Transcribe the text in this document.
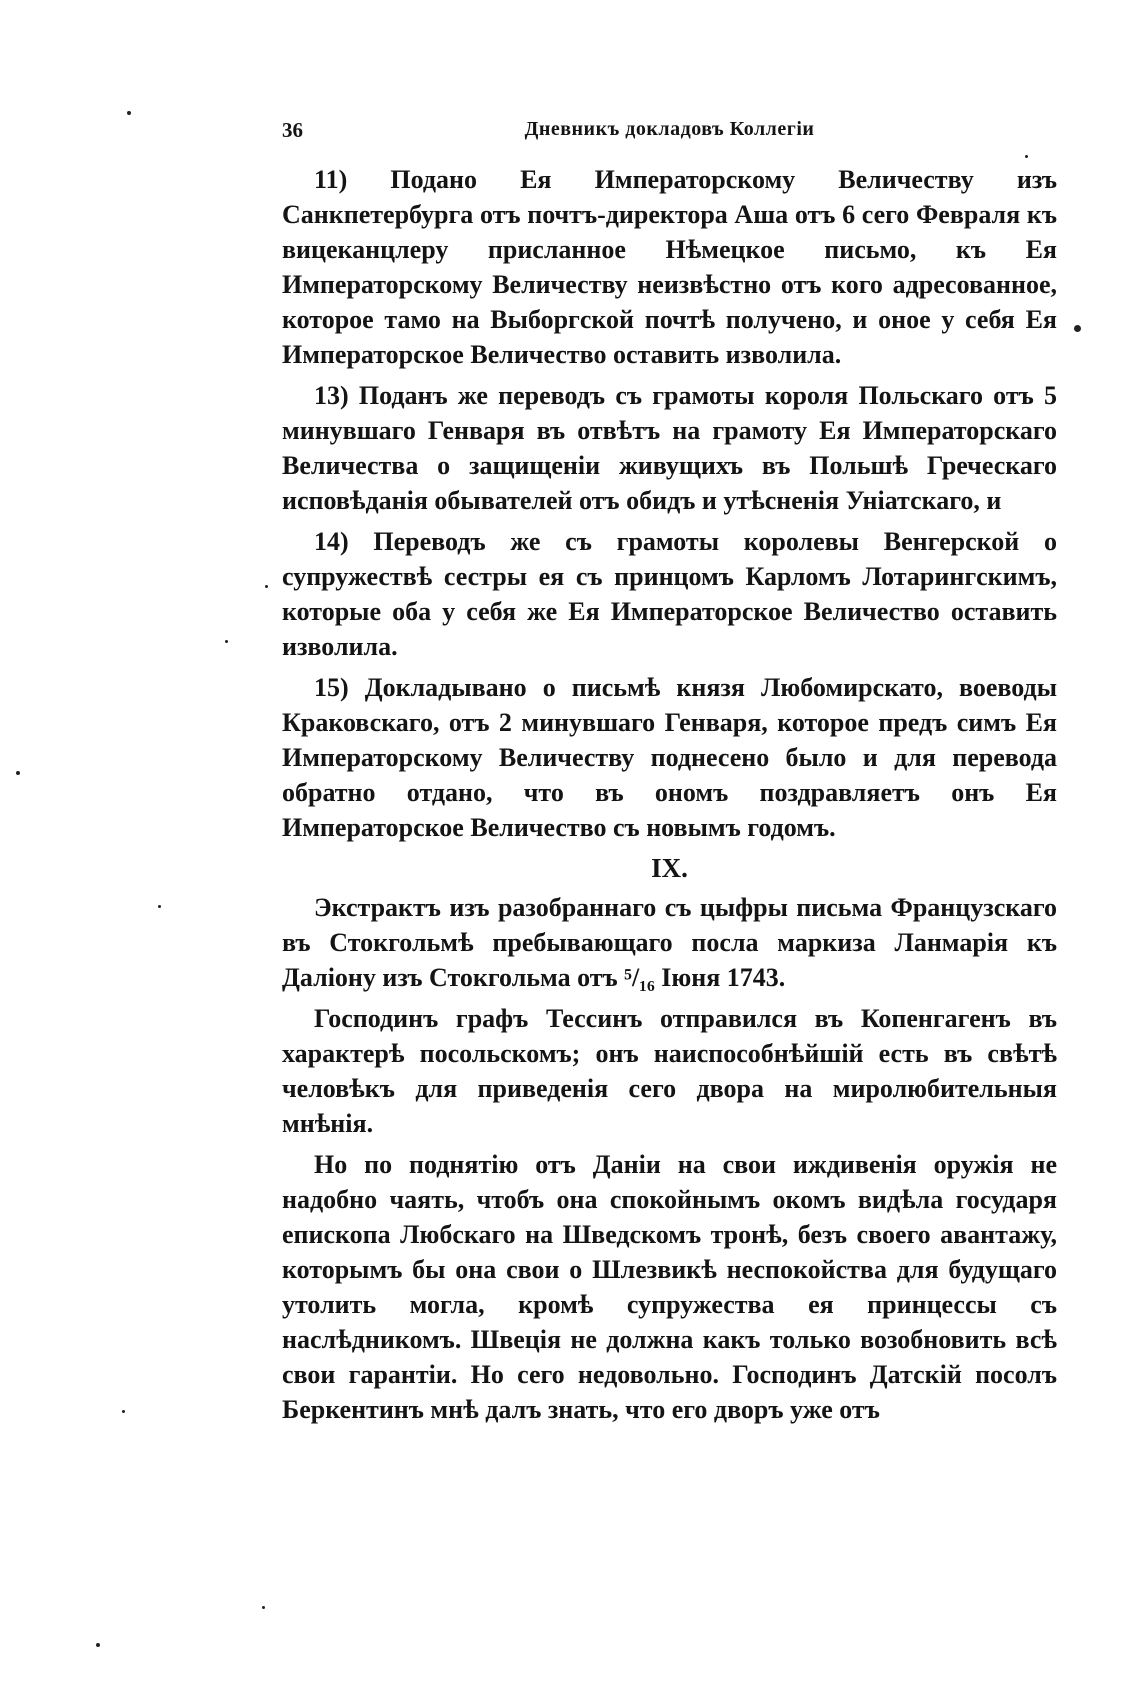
36	Дневникъ докладовъ Коллегіи

11) Подано Ея Императорскому Величеству изъ Санкпетербурга отъ почтъ-директора Аша отъ 6 сего Февраля къ вицеканцлеру присланное Нѣмецкое письмо, къ Ея Императорскому Величеству неизвѣстно отъ кого адресованное, которое тамо на Выборгской почтѣ получено, и оное у себя Ея Императорское Величество оставить изволила.

13) Поданъ же переводъ съ грамоты короля Польскаго отъ 5 минувшаго Генваря въ отвѣтъ на грамоту Ея Императорскаго Величества о защищеніи живущихъ въ Польшѣ Греческаго исповѣданія обывателей отъ обидъ и утѣсненія Уніатскаго, и

14) Переводъ же съ грамоты королевы Венгерской о супружествѣ сестры ея съ принцомъ Карломъ Лотарингскимъ, которые оба у себя же Ея Императорское Величество оставить изволила.

15) Докладывано о письмѣ князя Любомирскато, воеводы Краковскаго, отъ 2 минувшаго Генваря, которое предъ симъ Ея Императорскому Величеству поднесено было и для перевода обратно отдано, что въ ономъ поздравляетъ онъ Ея Императорское Величество съ новымъ годомъ.

IX.

Экстрактъ изъ разобраннаго съ цыфры письма Французскаго въ Стокгольмѣ пребывающаго посла маркиза Ланмарія къ Даліону изъ Стокгольма отъ ⁵/₁₆ Іюня 1743.

Господинъ графъ Тессинъ отправился въ Копенгагенъ въ характерѣ посольскомъ; онъ наиспособнѣйшій есть въ свѣтѣ человѣкъ для приведенія сего двора на миролюбительныя мнѣнія.

Но по поднятію отъ Даніи на свои иждивенія оружія не надобно чаять, чтобъ она спокойнымъ окомъ видѣла государя епископа Любскаго на Шведскомъ тронѣ, безъ своего авантажу, которымъ бы она свои о Шлезвикѣ неспокойства для будущаго утолить могла, кромѣ супружества ея принцессы съ наслѣдникомъ. Швеція не должна какъ только возобновить всѣ свои гарантіи. Но сего недовольно. Господинъ Датскій посолъ Беркентинъ мнѣ далъ знать, что его дворъ уже отъ
